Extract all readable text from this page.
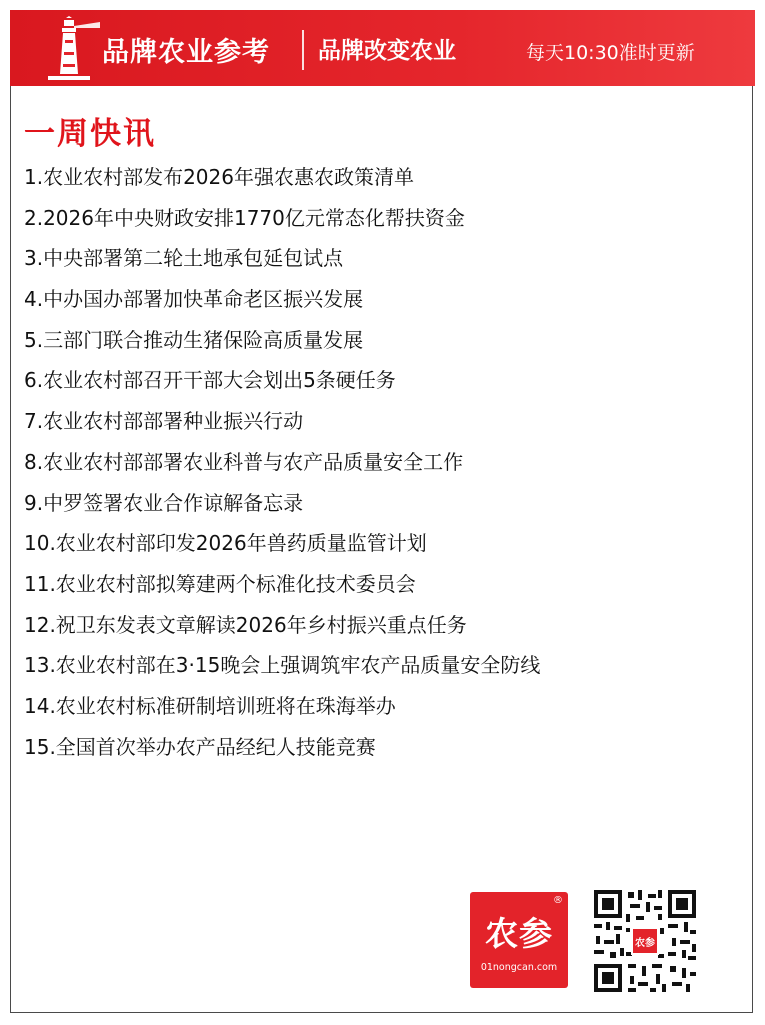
品牌农业参考 品牌改变农业	每天10:30准时更新
一周快讯
1.农业农村部发布2026年强农惠农政策清单
2.2026年中央财政安排1770亿元常态化帮扶资金
3.中央部署第二轮土地承包延包试点
4.中办国办部署加快革命老区振兴发展
5.三部门联合推动生猪保险高质量发展
6.农业农村部召开干部大会划出5条硬任务
7.农业农村部部署种业振兴行动
8.农业农村部部署农业科普与农产品质量安全工作
9.中罗签署农业合作谅解备忘录
10.农业农村部印发2026年兽药质量监管计划
11.农业农村部拟筹建两个标准化技术委员会
12.祝卫东发表文章解读2026年乡村振兴重点任务
13.农业农村部在3·15晚会上强调筑牢农产品质量安全防线
14.农业农村标准研制培训班将在珠海举办
15.全国首次举办农产品经纪人技能竞赛
®
农参
01nongcan.com
农参
